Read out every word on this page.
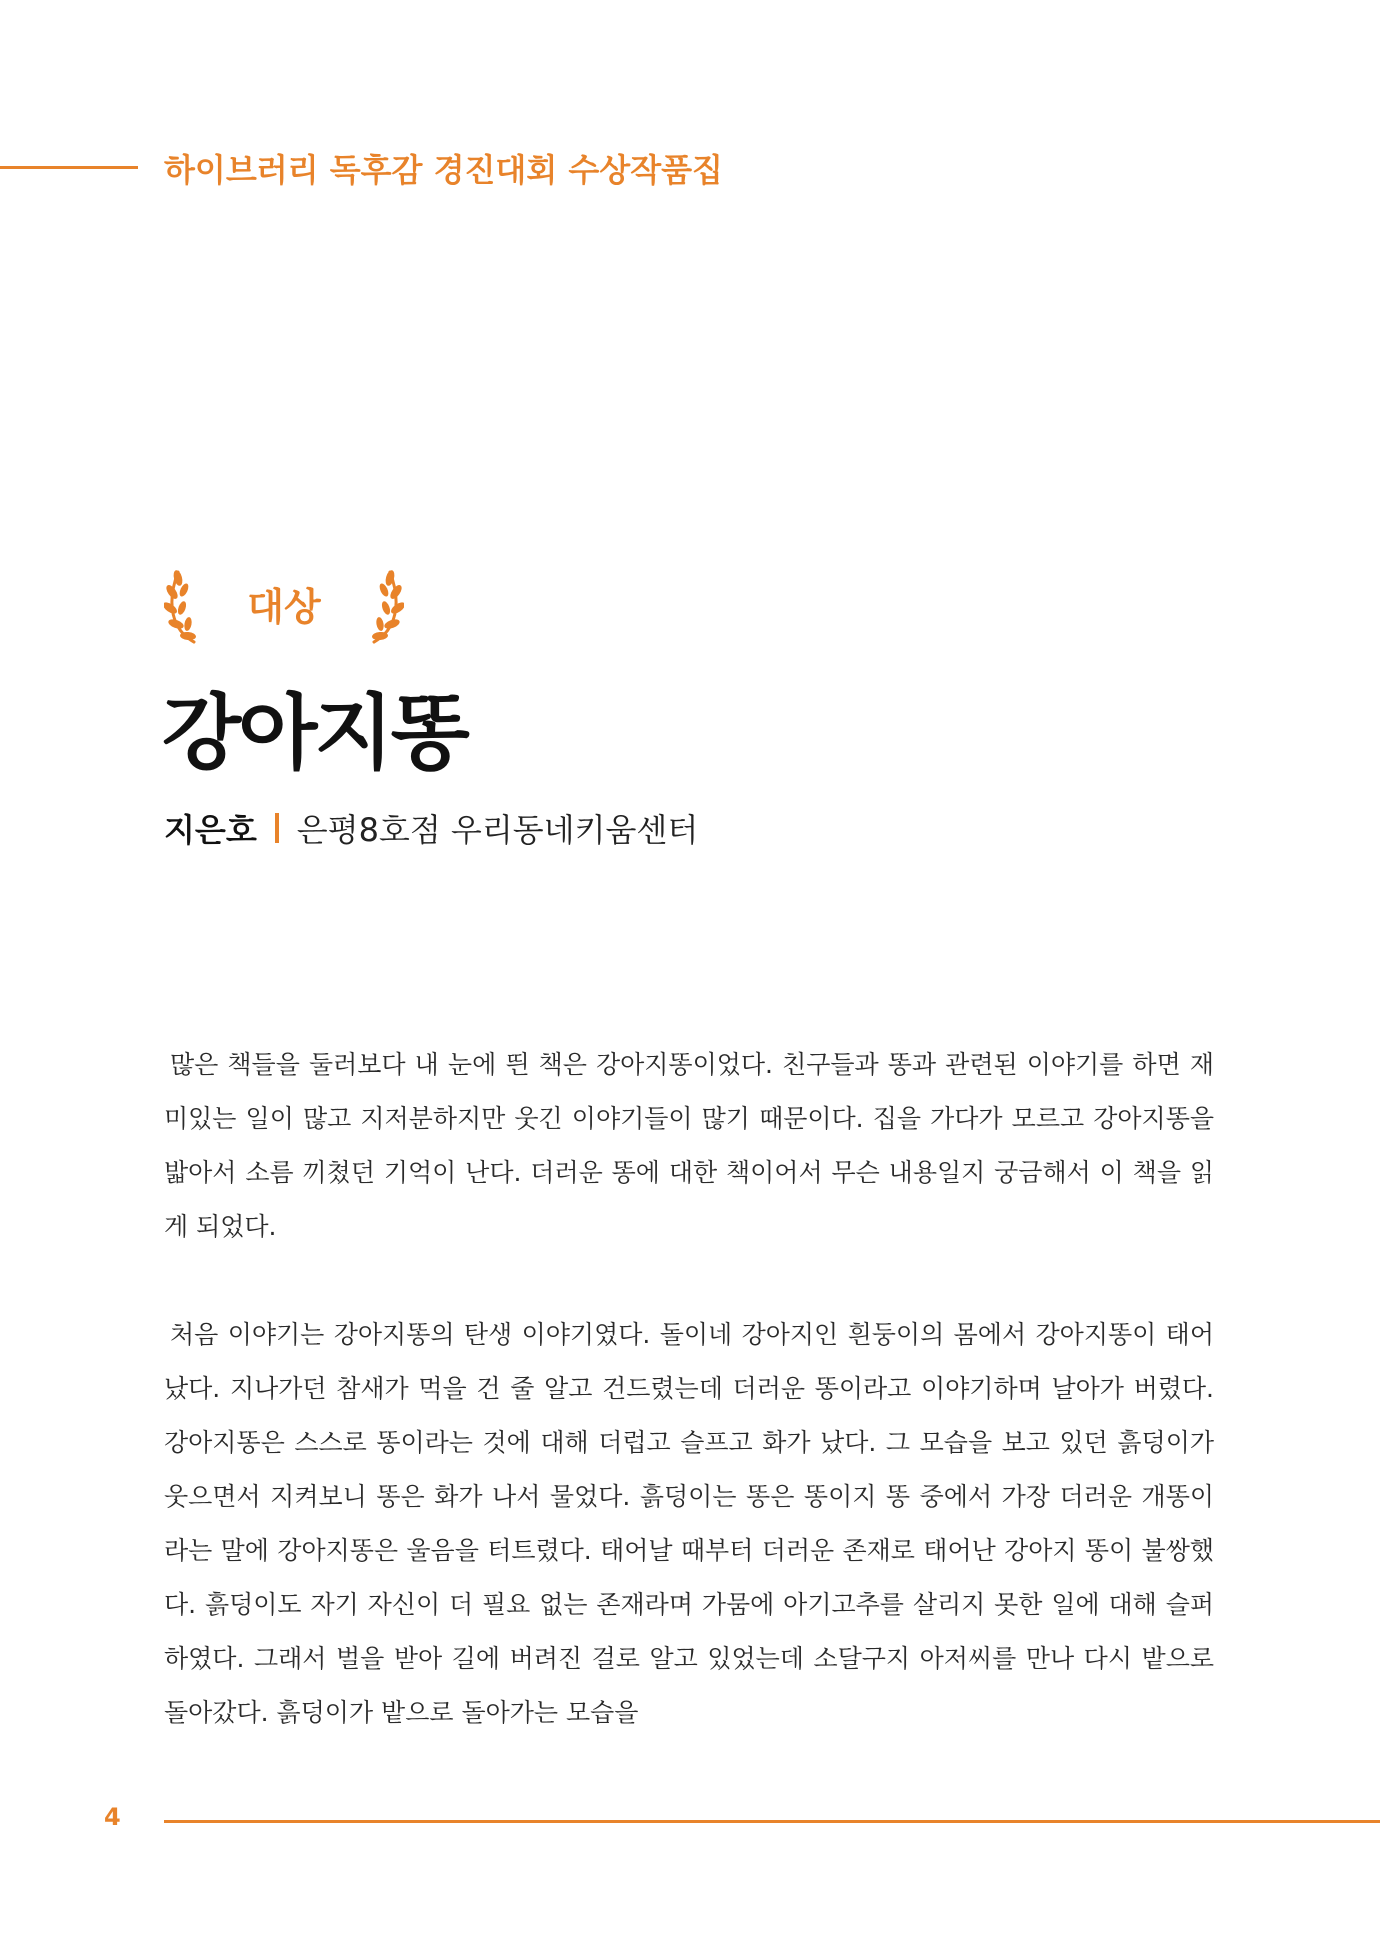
하이브러리 독후감 경진대회 수상작품집
대상
강아지똥
지은호 은평8호점 우리동네키움센터

많은 책들을 둘러보다 내 눈에 띈 책은 강아지똥이었다. 친구들과 똥과 관련된 이야기를 하면 재미있는 일이 많고 지저분하지만 웃긴 이야기들이 많기 때문이다. 집을 가다가 모르고 강아지똥을 밟아서 소름 끼쳤던 기억이 난다. 더러운 똥에 대한 책이어서 무슨 내용일지 궁금해서 이 책을 읽게 되었다.

처음 이야기는 강아지똥의 탄생 이야기였다. 돌이네 강아지인 흰둥이의 몸에서 강아지똥이 태어났다. 지나가던 참새가 먹을 건 줄 알고 건드렸는데 더러운 똥이라고 이야기하며 날아가 버렸다. 강아지똥은 스스로 똥이라는 것에 대해 더럽고 슬프고 화가 났다. 그 모습을 보고 있던 흙덩이가 웃으면서 지켜보니 똥은 화가 나서 물었다. 흙덩이는 똥은 똥이지 똥 중에서 가장 더러운 개똥이라는 말에 강아지똥은 울음을 터트렸다. 태어날 때부터 더러운 존재로 태어난 강아지 똥이 불쌍했다. 흙덩이도 자기 자신이 더 필요 없는 존재라며 가뭄에 아기고추를 살리지 못한 일에 대해 슬퍼하였다. 그래서 벌을 받아 길에 버려진 걸로 알고 있었는데 소달구지 아저씨를 만나 다시 밭으로 돌아갔다. 흙덩이가 밭으로 돌아가는 모습을

4
